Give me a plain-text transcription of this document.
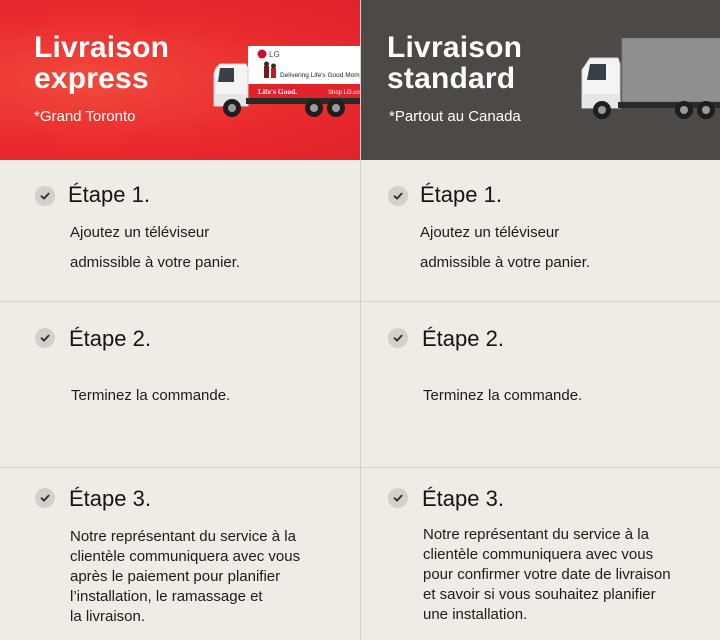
Livraison
express
*Grand Toronto
LG
Delivering Life's Good Mom
Life's Good.	Shop LG.co
Étape 1.
Ajoutez un téléviseur
admissible à votre panier.
Étape 2.
Terminez la commande.
Étape 3.
Notre représentant du service à la
clientèle communiquera avec vous
après le paiement pour planifier
l’installation, le ramassage et
la livraison.
Livraison
standard
*Partout au Canada
Étape 1.
Ajoutez un téléviseur
admissible à votre panier.
Étape 2.
Terminez la commande.
Étape 3.
Notre représentant du service à la
clientèle communiquera avec vous
pour confirmer votre date de livraison
et savoir si vous souhaitez planifier
une installation.
